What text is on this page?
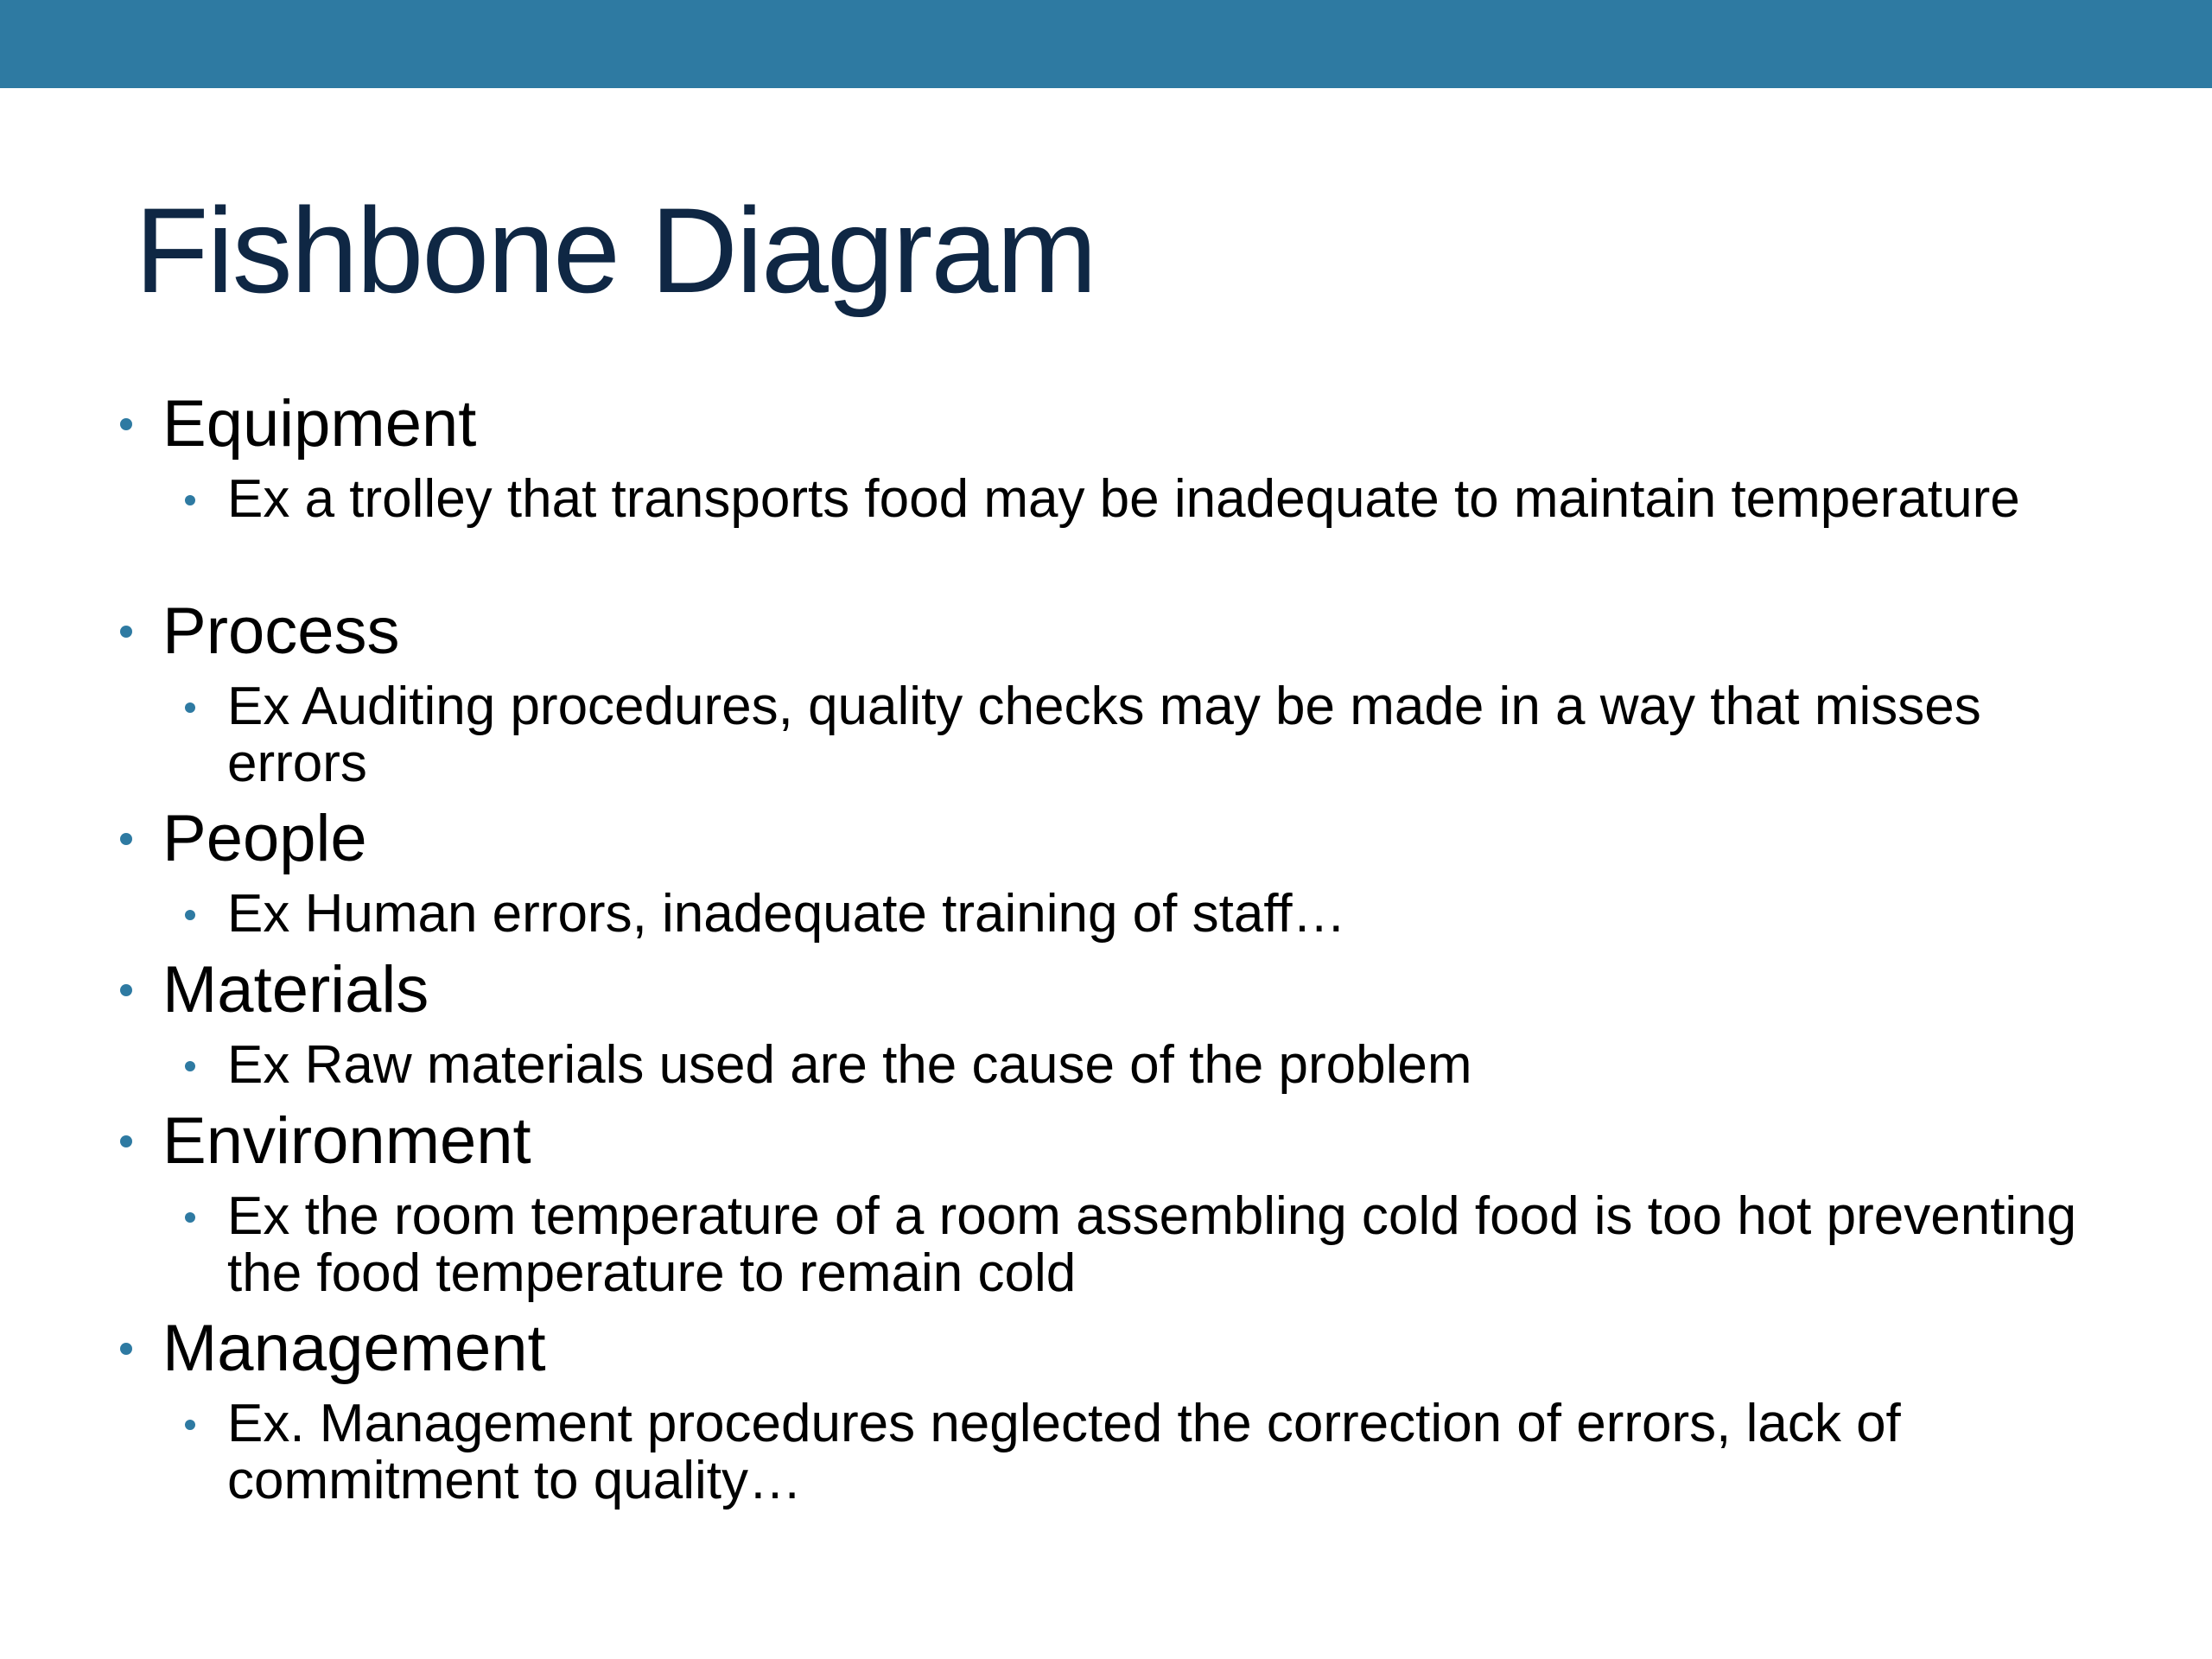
Fishbone Diagram
Equipment
Ex a trolley that transports food may be inadequate to maintain temperature
Process
Ex Auditing procedures, quality checks may be made in a way that misses errors
People
Ex Human errors, inadequate training of staff…
Materials
Ex Raw materials used are the cause of the problem
Environment
Ex the room temperature of a room assembling cold food is too hot preventing the food temperature to remain cold
Management
Ex. Management procedures neglected the correction of errors, lack of commitment to quality…
